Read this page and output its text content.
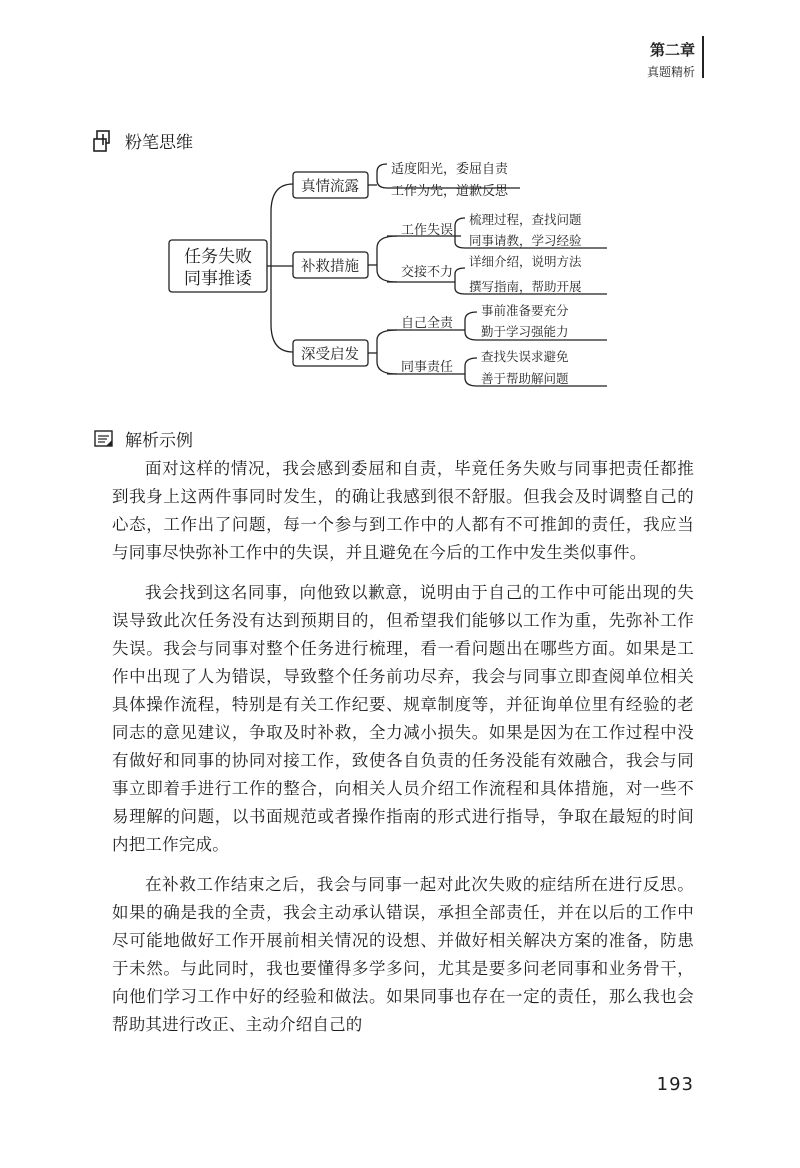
第二章
真题精析
粉笔思维
任务失败
同事推诿
真情流露
补救措施
深受启发
适度阳光，委屈自责
工作为先，道歉反思
工作失误
交接不力
梳理过程，查找问题
同事请教，学习经验
详细介绍，说明方法
撰写指南，帮助开展
自己全责
同事责任
事前准备要充分
勤于学习强能力
查找失误求避免
善于帮助解问题
解析示例

面对这样的情况，我会感到委屈和自责，毕竟任务失败与同事把责任都推到我身上这两件事同时发生，的确让我感到很不舒服。但我会及时调整自己的心态，工作出了问题，每一个参与到工作中的人都有不可推卸的责任，我应当与同事尽快弥补工作中的失误，并且避免在今后的工作中发生类似事件。

我会找到这名同事，向他致以歉意，说明由于自己的工作中可能出现的失误导致此次任务没有达到预期目的，但希望我们能够以工作为重，先弥补工作失误。我会与同事对整个任务进行梳理，看一看问题出在哪些方面。如果是工作中出现了人为错误，导致整个任务前功尽弃，我会与同事立即查阅单位相关具体操作流程，特别是有关工作纪要、规章制度等，并征询单位里有经验的老同志的意见建议，争取及时补救，全力减小损失。如果是因为在工作过程中没有做好和同事的协同对接工作，致使各自负责的任务没能有效融合，我会与同事立即着手进行工作的整合，向相关人员介绍工作流程和具体措施，对一些不易理解的问题，以书面规范或者操作指南的形式进行指导，争取在最短的时间内把工作完成。

在补救工作结束之后，我会与同事一起对此次失败的症结所在进行反思。如果的确是我的全责，我会主动承认错误，承担全部责任，并在以后的工作中尽可能地做好工作开展前相关情况的设想、并做好相关解决方案的准备，防患于未然。与此同时，我也要懂得多学多问，尤其是要多问老同事和业务骨干，向他们学习工作中好的经验和做法。如果同事也存在一定的责任，那么我也会帮助其进行改正、主动介绍自己的

193
